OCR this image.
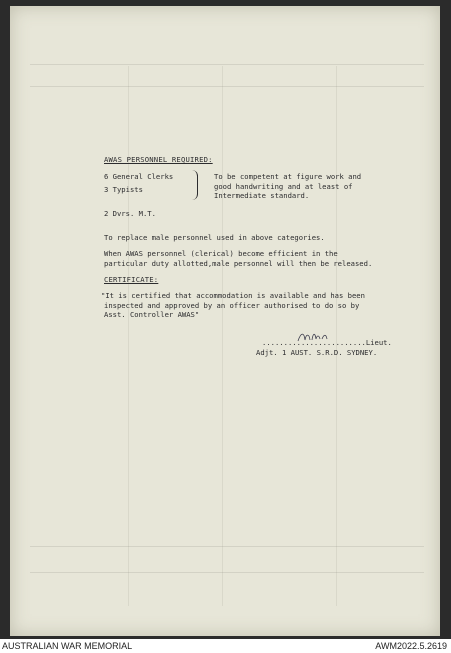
AWAS PERSONNEL REQUIRED:
6 General Clerks
3 Typists
To be competent at figure work and
good handwriting and at least of
Intermediate standard.
2 Dvrs. M.T.
To replace male personnel used in above categories.
When AWAS personnel (clerical) become efficient in the
particular duty allotted,male personnel will then be released.
CERTIFICATE:
"It is certified that accommodation is available and has been
inspected and approved by an officer authorised to do so by
Asst. Controller AWAS"
........................Lieut.
Adjt. 1 AUST. S.R.D. SYDNEY.
AUSTRALIAN WAR MEMORIAL	AWM2022.5.2619
